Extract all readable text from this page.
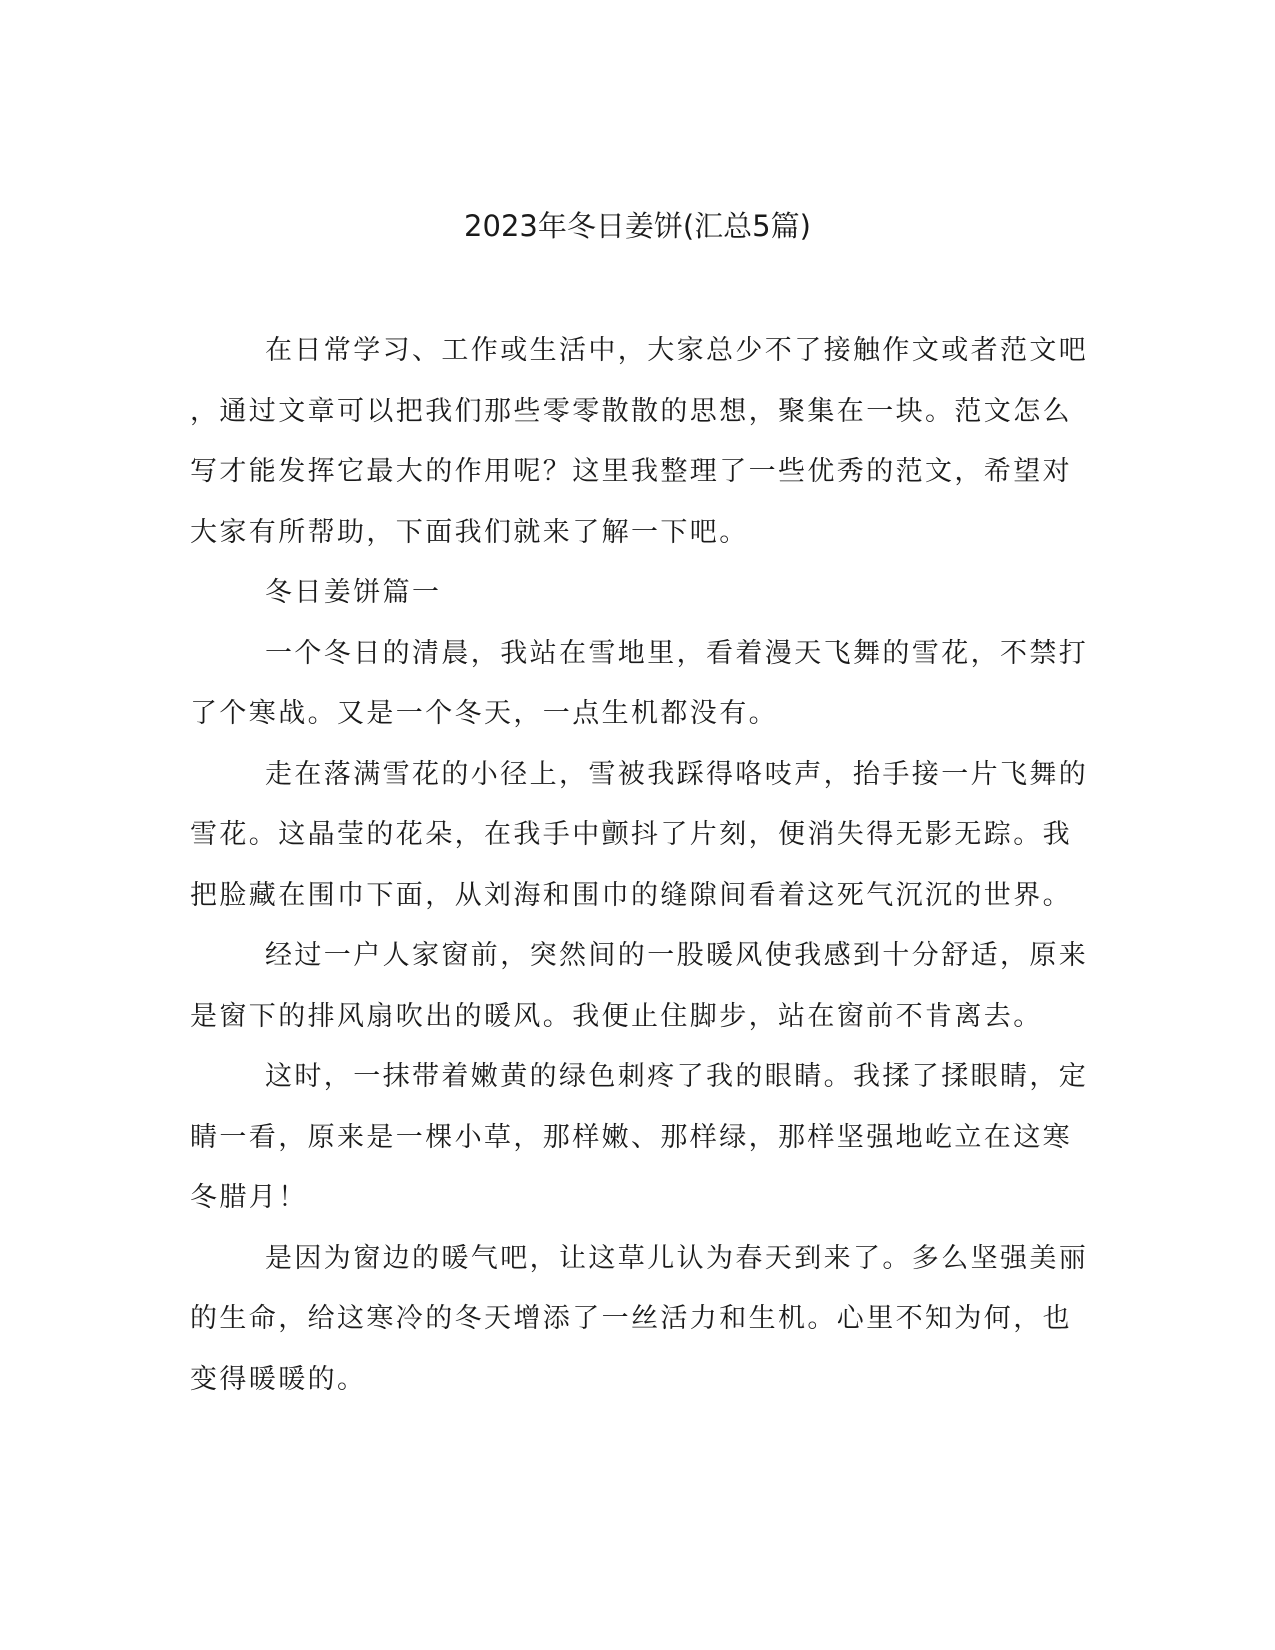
2023年冬日姜饼(汇总5篇)
在日常学习、工作或生活中，大家总少不了接触作文或者范文吧
，通过文章可以把我们那些零零散散的思想，聚集在一块。范文怎么
写才能发挥它最大的作用呢？这里我整理了一些优秀的范文，希望对
大家有所帮助，下面我们就来了解一下吧。
冬日姜饼篇一
一个冬日的清晨，我站在雪地里，看着漫天飞舞的雪花，不禁打
了个寒战。又是一个冬天，一点生机都没有。
走在落满雪花的小径上，雪被我踩得咯吱声，抬手接一片飞舞的
雪花。这晶莹的花朵，在我手中颤抖了片刻，便消失得无影无踪。我
把脸藏在围巾下面，从刘海和围巾的缝隙间看着这死气沉沉的世界。
经过一户人家窗前，突然间的一股暖风使我感到十分舒适，原来
是窗下的排风扇吹出的暖风。我便止住脚步，站在窗前不肯离去。
这时，一抹带着嫩黄的绿色刺疼了我的眼睛。我揉了揉眼睛，定
睛一看，原来是一棵小草，那样嫩、那样绿，那样坚强地屹立在这寒
冬腊月！
是因为窗边的暖气吧，让这草儿认为春天到来了。多么坚强美丽
的生命，给这寒冷的冬天增添了一丝活力和生机。心里不知为何，也
变得暖暖的。
